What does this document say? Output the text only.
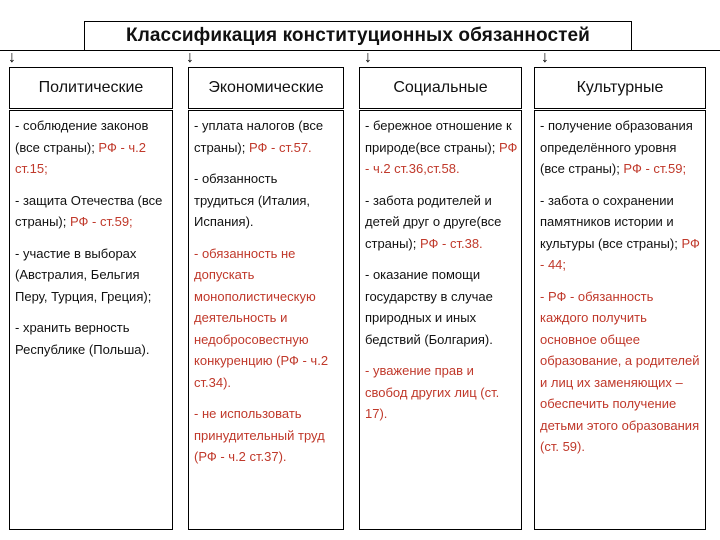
Классификация конституционных обязанностей
↓	↓	↓	↓
Политические
- соблюдение законов (все страны); РФ - ч.2 ст.15;
- защита Отечества (все страны); РФ - ст.59;
- участие в выборах (Австралия, Бельгия Перу, Турция, Греция);
- хранить верность Республике (Польша).
Экономические
- уплата налогов (все страны); РФ - ст.57.
- обязанность трудиться (Италия, Испания).
- обязанность не допускать монополистическую деятельность и недобросовестную конкуренцию (РФ - ч.2 ст.34).
- не использовать принудительный труд (РФ - ч.2 ст.37).
Социальные
- бережное отношение к природе(все страны); РФ - ч.2 ст.36,ст.58.
- забота родителей и детей друг о друге(все страны); РФ - ст.38.
- оказание помощи государству в случае природных и иных бедствий (Болгария).
- уважение прав и свобод других лиц (ст. 17).
Культурные
- получение образования определённого уровня (все страны); РФ - ст.59;
- забота о сохранении памятников истории и культуры (все страны); РФ - 44;
- РФ - обязанность каждого получить основное общее образование, а родителей и лиц их заменяющих – обеспечить получение детьми этого образования (ст. 59).
